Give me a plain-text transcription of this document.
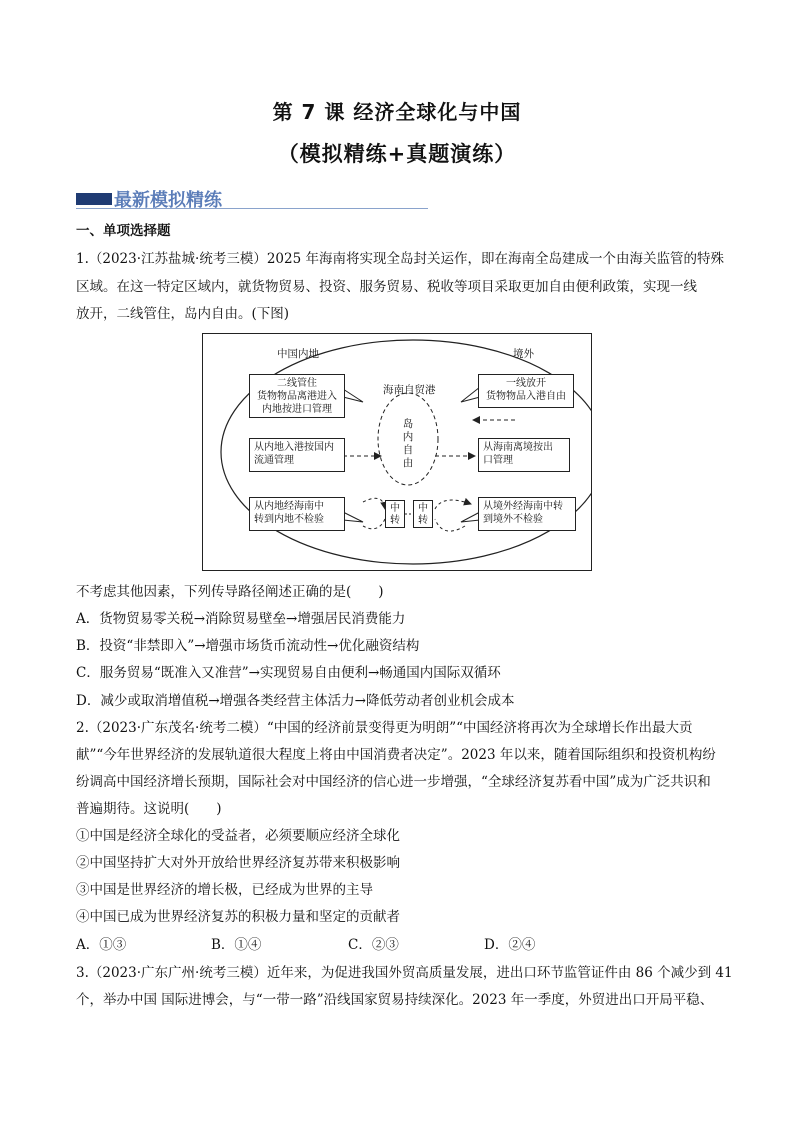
第 7 课 经济全球化与中国
（模拟精练+真题演练）
最新模拟精练
一、单项选择题
1.（2023·江苏盐城·统考三模）2025 年海南将实现全岛封关运作，即在海南全岛建成一个由海关监管的特殊
区域。在这一特定区域内，就货物贸易、投资、服务贸易、税收等项目采取更加自由便利政策，实现一线
放开，二线管住，岛内自由。(下图)
中国内地	境外
海南自贸港
岛内自由
二线管住
货物物品离港进入
内地按进口管理
从内地入港按国内
流通管理
从内地经海南中
转到内地不检验
一线放开
货物物品入港自由
从海南离境按出
口管理
从境外经海南中转
到境外不检验
中转
中转
不考虑其他因素，下列传导路径阐述正确的是(　　)
A．货物贸易零关税→消除贸易壁垒→增强居民消费能力
B．投资“非禁即入”→增强市场货币流动性→优化融资结构
C．服务贸易“既准入又准营”→实现贸易自由便利→畅通国内国际双循环
D．减少或取消增值税→增强各类经营主体活力→降低劳动者创业机会成本
2.（2023·广东茂名·统考二模）“中国的经济前景变得更为明朗”“中国经济将再次为全球增长作出最大贡
献”“今年世界经济的发展轨道很大程度上将由中国消费者决定”。2023 年以来，随着国际组织和投资机构纷
纷调高中国经济增长预期，国际社会对中国经济的信心进一步增强，“全球经济复苏看中国”成为广泛共识和
普遍期待。这说明(　　)
①中国是经济全球化的受益者，必须要顺应经济全球化
②中国坚持扩大对外开放给世界经济复苏带来积极影响
③中国是世界经济的增长极，已经成为世界的主导
④中国已成为世界经济复苏的积极力量和坚定的贡献者
A．①③	B．①④	C．②③	D．②④
3.（2023·广东广州·统考三模）近年来，为促进我国外贸高质量发展，进出口环节监管证件由 86 个减少到 41
个，举办中国 国际进博会，与“一带一路”沿线国家贸易持续深化。2023 年一季度，外贸进出口开局平稳、
